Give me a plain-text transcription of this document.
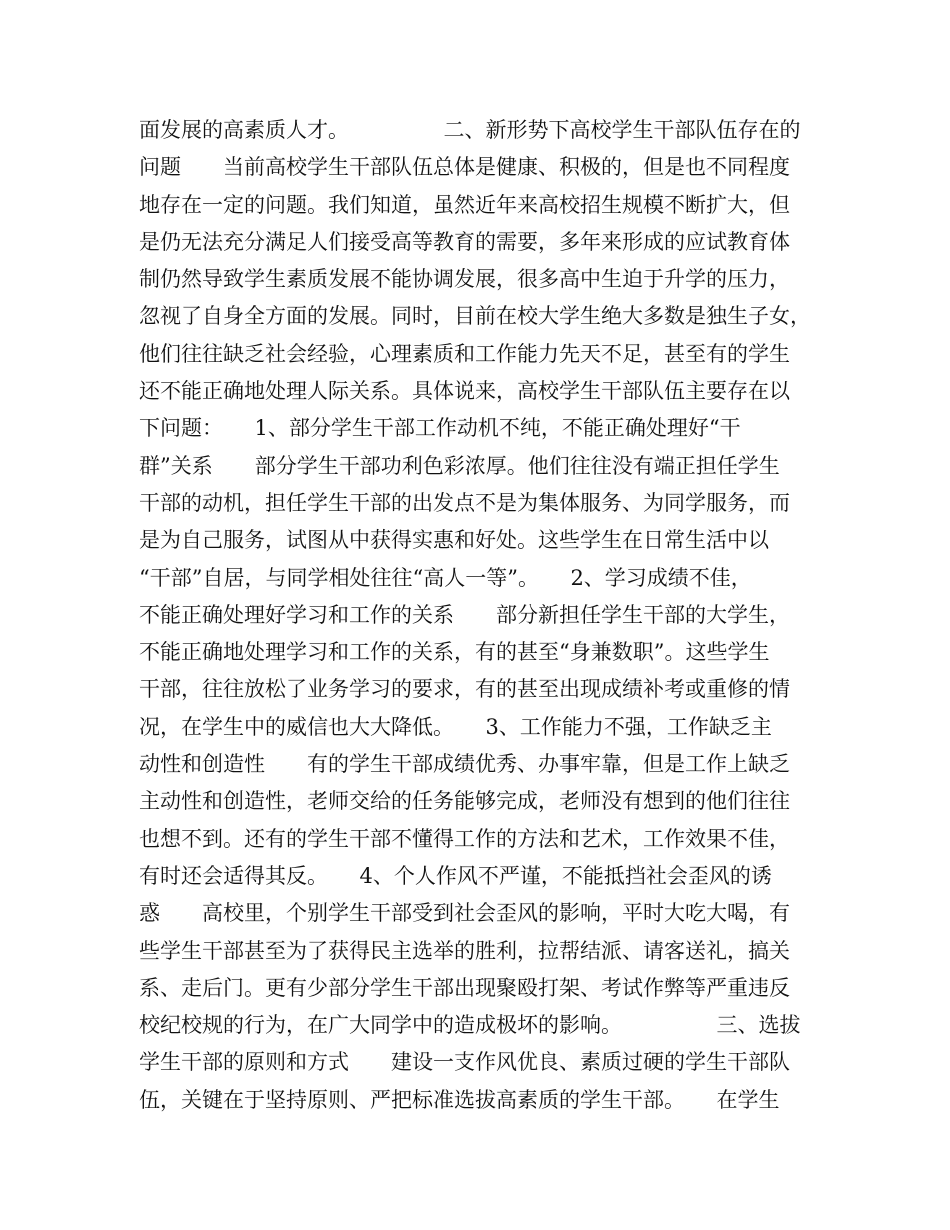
面发展的高素质人才。　　　　　二、新形势下高校学生干部队伍存在的
问题　　当前高校学生干部队伍总体是健康、积极的，但是也不同程度
地存在一定的问题。我们知道，虽然近年来高校招生规模不断扩大，但
是仍无法充分满足人们接受高等教育的需要，多年来形成的应试教育体
制仍然导致学生素质发展不能协调发展，很多高中生迫于升学的压力，
忽视了自身全方面的发展。同时，目前在校大学生绝大多数是独生子女，
他们往往缺乏社会经验，心理素质和工作能力先天不足，甚至有的学生
还不能正确地处理人际关系。具体说来，高校学生干部队伍主要存在以
下问题：　　1、部分学生干部工作动机不纯，不能正确处理好“干
群”关系　　部分学生干部功利色彩浓厚。他们往往没有端正担任学生
干部的动机，担任学生干部的出发点不是为集体服务、为同学服务，而
是为自己服务，试图从中获得实惠和好处。这些学生在日常生活中以
“干部”自居，与同学相处往往“高人一等”。　　2、学习成绩不佳，
不能正确处理好学习和工作的关系　　部分新担任学生干部的大学生，
不能正确地处理学习和工作的关系，有的甚至“身兼数职”。这些学生
干部，往往放松了业务学习的要求，有的甚至出现成绩补考或重修的情
况，在学生中的威信也大大降低。　　3、工作能力不强，工作缺乏主
动性和创造性　　有的学生干部成绩优秀、办事牢靠，但是工作上缺乏
主动性和创造性，老师交给的任务能够完成，老师没有想到的他们往往
也想不到。还有的学生干部不懂得工作的方法和艺术，工作效果不佳，
有时还会适得其反。　　4、个人作风不严谨，不能抵挡社会歪风的诱
惑　　高校里，个别学生干部受到社会歪风的影响，平时大吃大喝，有
些学生干部甚至为了获得民主选举的胜利，拉帮结派、请客送礼，搞关
系、走后门。更有少部分学生干部出现聚殴打架、考试作弊等严重违反
校纪校规的行为，在广大同学中的造成极坏的影响。　　　　　三、选拔
学生干部的原则和方式　　建设一支作风优良、素质过硬的学生干部队
伍，关键在于坚持原则、严把标准选拔高素质的学生干部。　　在学生
